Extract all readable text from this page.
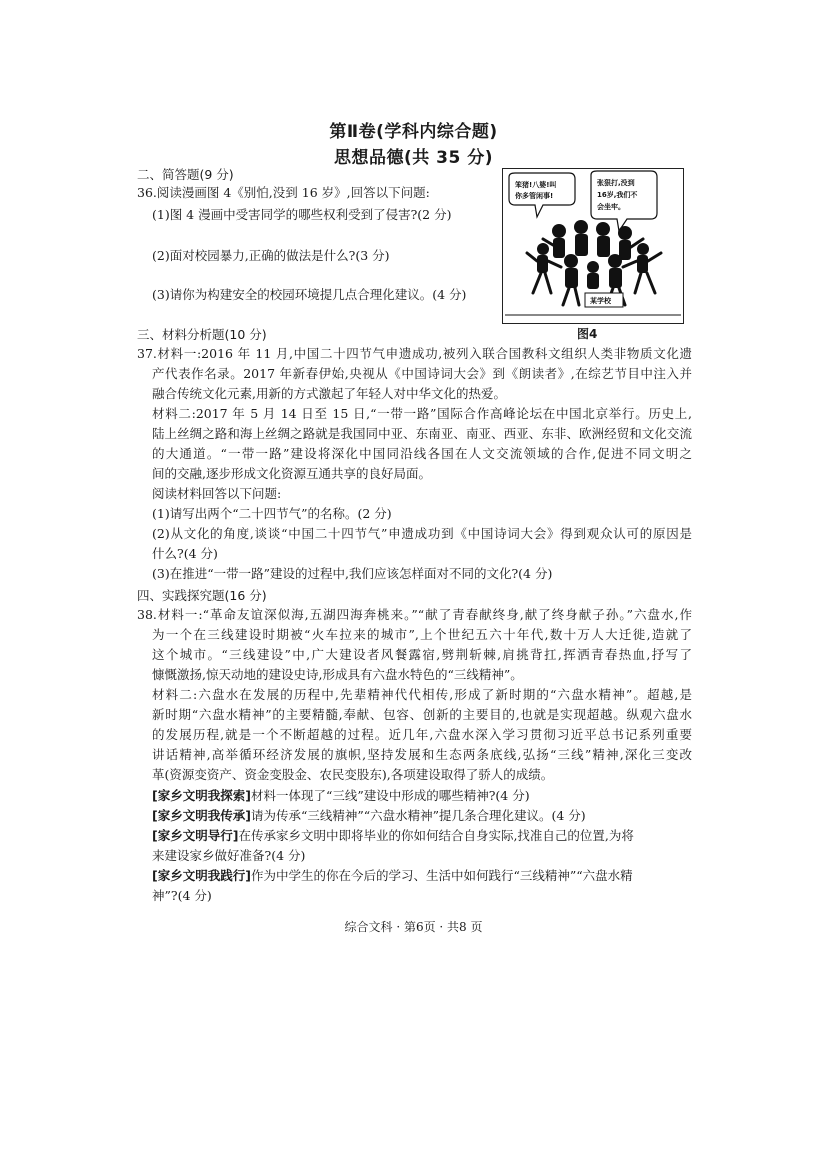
第Ⅱ卷(学科内综合题)
思想品德(共 35 分)
二、简答题(9 分)
36.阅读漫画图 4《别怕,没到 16 岁》,回答以下问题:
(1)图 4 漫画中受害同学的哪些权利受到了侵害?(2 分)
(2)面对校园暴力,正确的做法是什么?(3 分)
(3)请你为构建安全的校园环境提几点合理化建议。(4 分)
笨猪!八婆!叫
你多管闲事!
张狠打,没到
16岁,我们不
会坐牢。
某学校
图4
三、材料分析题(10 分)
37.材料一:2016 年 11 月,中国二十四节气申遗成功,被列入联合国教科文组织人类非物质文化遗
产代表作名录。2017 年新春伊始,央视从《中国诗词大会》到《朗读者》,在综艺节目中注入并
融合传统文化元素,用新的方式激起了年轻人对中华文化的热爱。
材料二:2017 年 5 月 14 日至 15 日,“一带一路”国际合作高峰论坛在中国北京举行。历史上,
陆上丝绸之路和海上丝绸之路就是我国同中亚、东南亚、南亚、西亚、东非、欧洲经贸和文化交流
的大通道。“一带一路”建设将深化中国同沿线各国在人文交流领域的合作,促进不同文明之
间的交融,逐步形成文化资源互通共享的良好局面。
阅读材料回答以下问题:
(1)请写出两个“二十四节气”的名称。(2 分)
(2)从文化的角度,谈谈“中国二十四节气”申遗成功到《中国诗词大会》得到观众认可的原因是
什么?(4 分)
(3)在推进“一带一路”建设的过程中,我们应该怎样面对不同的文化?(4 分)
四、实践探究题(16 分)
38.材料一:“革命友谊深似海,五湖四海奔桃来。”“献了青春献终身,献了终身献子孙。”六盘水,作
为一个在三线建设时期被“火车拉来的城市”,上个世纪五六十年代,数十万人大迁徙,造就了
这个城市。“三线建设”中,广大建设者风餐露宿,劈荆斩棘,肩挑背扛,挥洒青春热血,抒写了
慷慨激扬,惊天动地的建设史诗,形成具有六盘水特色的“三线精神”。
材料二:六盘水在发展的历程中,先辈精神代代相传,形成了新时期的“六盘水精神”。超越,是
新时期“六盘水精神”的主要精髓,奉献、包容、创新的主要目的,也就是实现超越。纵观六盘水
的发展历程,就是一个不断超越的过程。近几年,六盘水深入学习贯彻习近平总书记系列重要
讲话精神,高举循环经济发展的旗帜,坚持发展和生态两条底线,弘扬“三线”精神,深化三变改
革(资源变资产、资金变股金、农民变股东),各项建设取得了骄人的成绩。
[家乡文明我探索]材料一体现了“三线”建设中形成的哪些精神?(4 分)
[家乡文明我传承]请为传承“三线精神”“六盘水精神”提几条合理化建议。(4 分)
[家乡文明导行]在传承家乡文明中即将毕业的你如何结合自身实际,找准自己的位置,为将
来建设家乡做好准备?(4 分)
[家乡文明我践行]作为中学生的你在今后的学习、生活中如何践行“三线精神”“六盘水精
神”?(4 分)
综合文科 · 第6页 · 共8 页
